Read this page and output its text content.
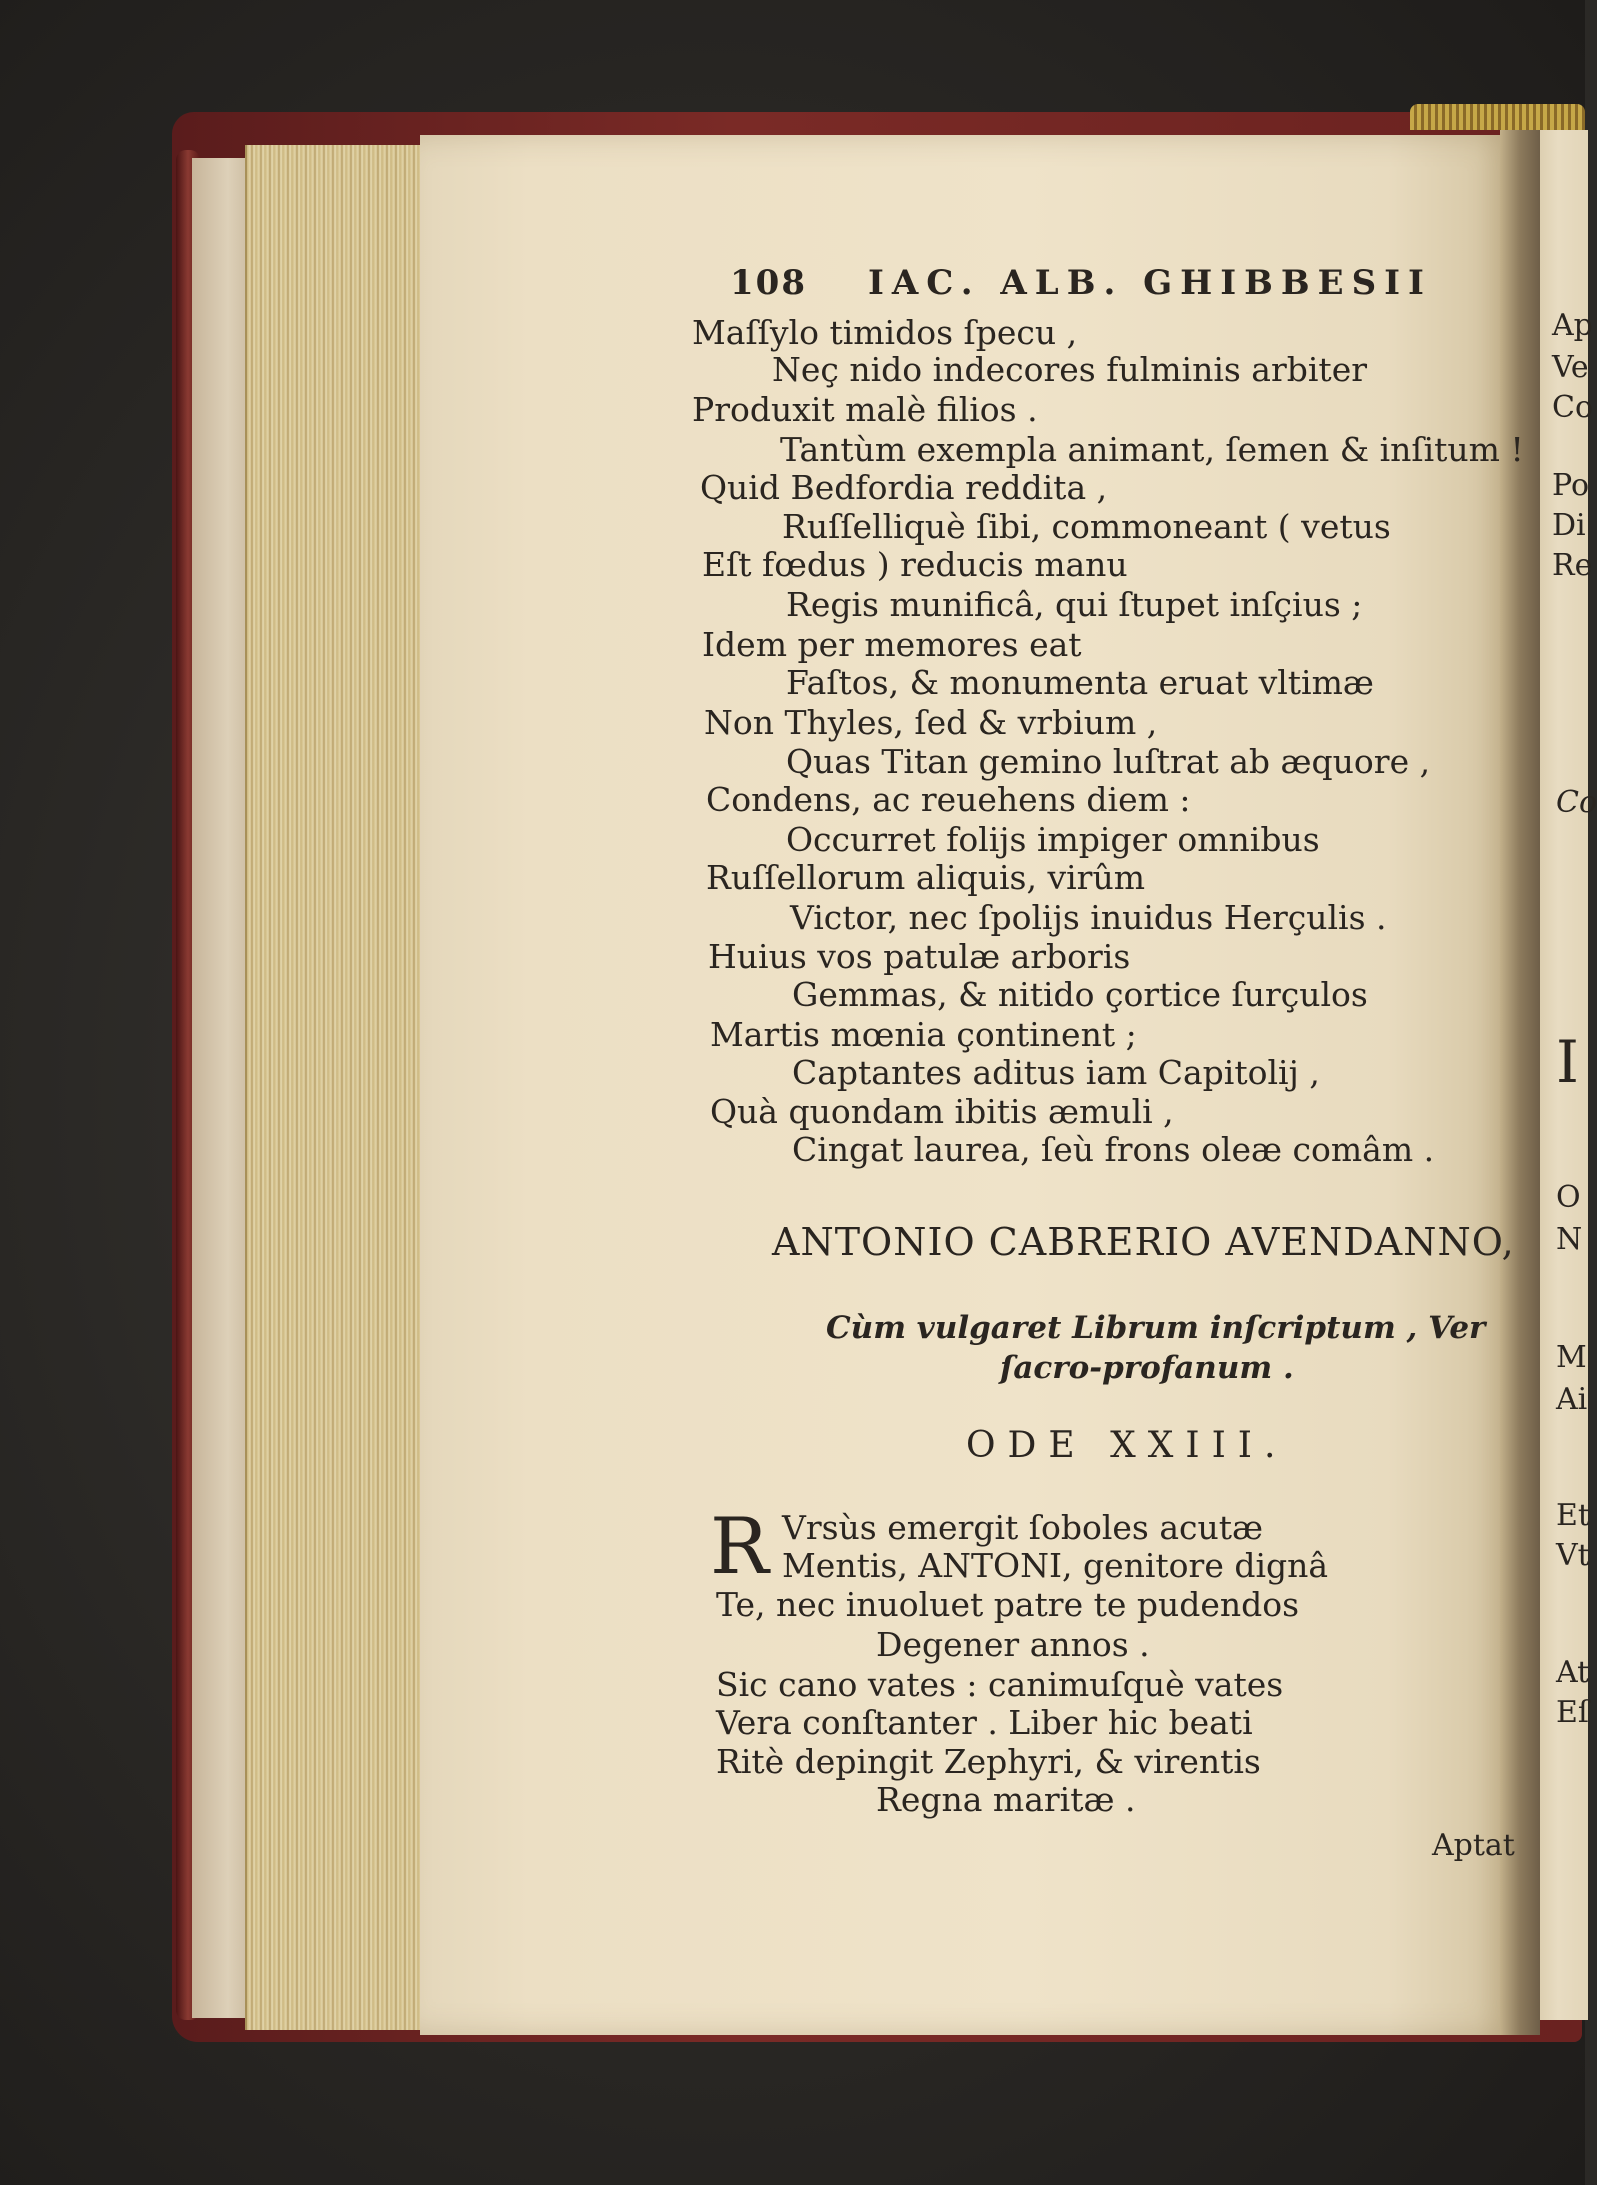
108 IAC. ALB. GHIBBESII
Maſſylo timidos ſpecu ,
Neç nido indecores fulminis arbiter
Produxit malè filios .
Tantùm exempla animant, ſemen & inſitum !
Quid Bedfordia reddita ,
Ruſſelliquè ſibi, commoneant ( vetus
Eſt fœdus ) reducis manu
Regis munificâ, qui ſtupet inſçius ;
Idem per memores eat
Faſtos, & monumenta eruat vltimæ
Non Thyles, ſed & vrbium ,
Quas Titan gemino luſtrat ab æquore ,
Condens, ac reuehens diem :
Occurret folijs impiger omnibus
Ruſſellorum aliquis, virûm
Victor, nec ſpolijs inuidus Herçulis .
Huius vos patulæ arboris
Gemmas, & nitido çortice ſurçulos
Martis mœnia çontinent ;
Captantes aditus iam Capitolij ,
Quà quondam ibitis æmuli ,
Cingat laurea, ſeù frons oleæ comâm .
ANTONIO CABRERIO AVENDANNO,
Cùm vulgaret Librum inſcriptum , Ver
ſacro-profanum .
ODE XXIII.
R Vrsùs emergit ſoboles acutæ
Mentis, ANTONI, genitore dignâ
Te, nec inuoluet patre te pudendos
Degener annos .
Sic cano vates : canimuſquè vates
Vera conſtanter . Liber hic beati
Ritè depingit Zephyri, & virentis
Regna maritæ .
Aptat
Ap
Ve
Co
Po
Di
Re
Co
I
O
N
M
Ai
Et
Vt
At
Eſ
